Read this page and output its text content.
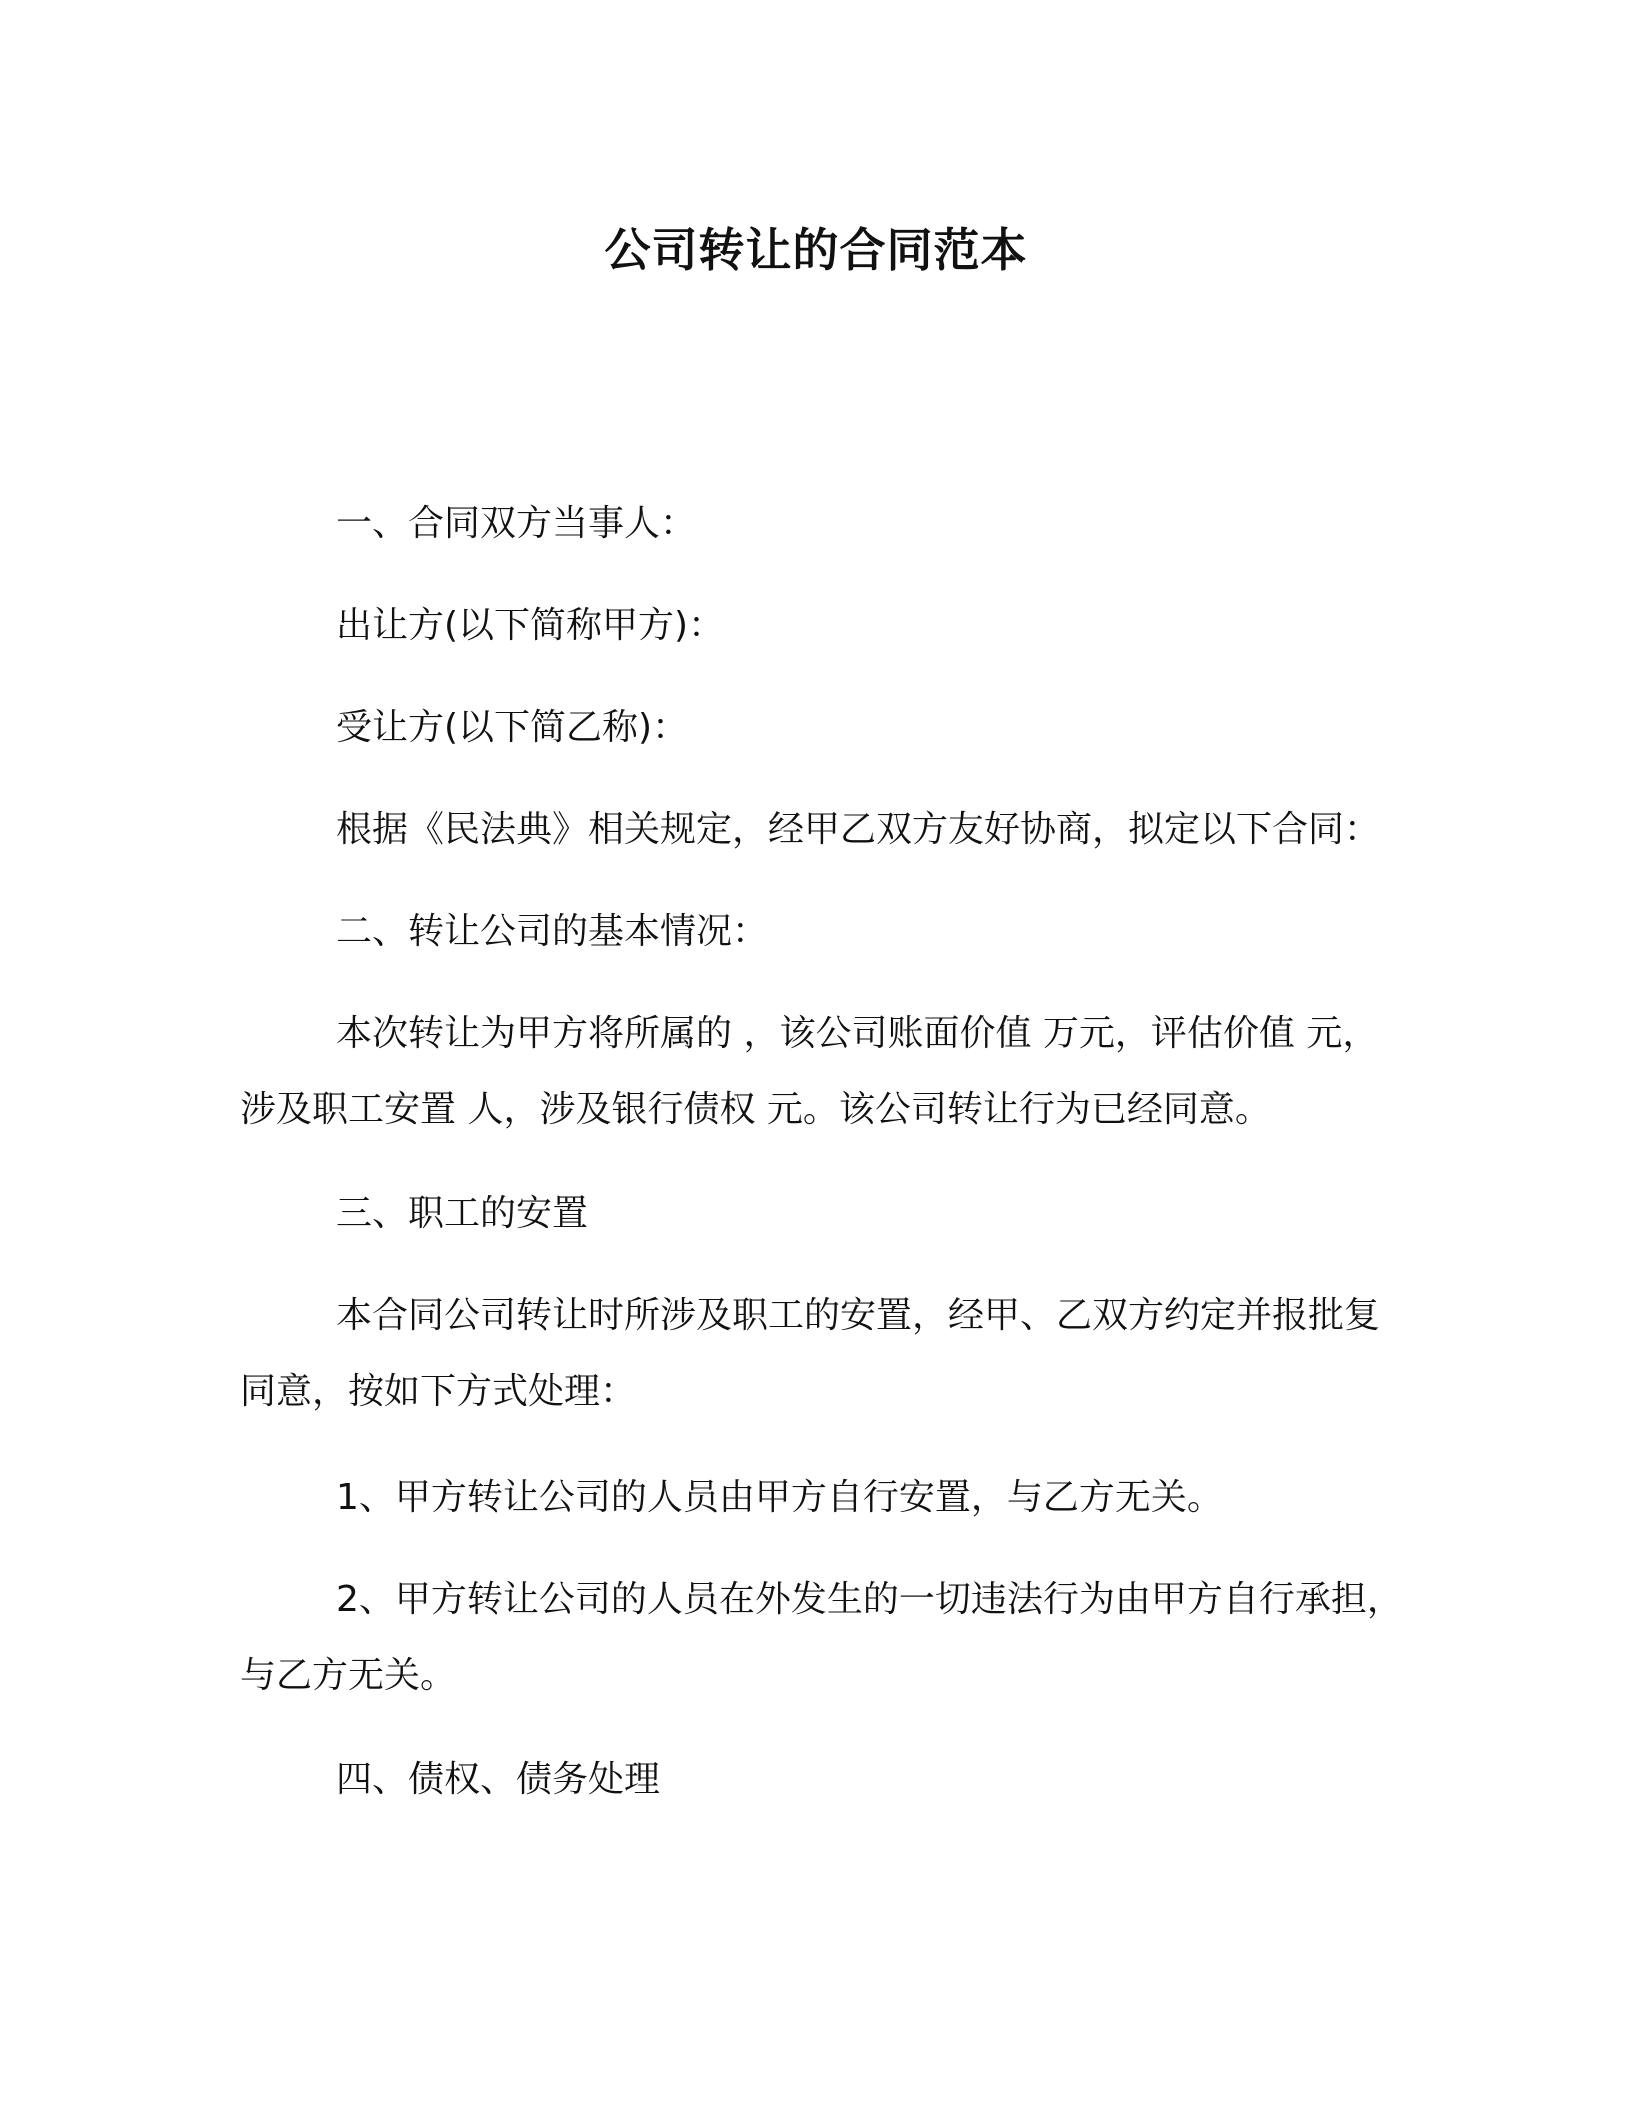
公司转让的合同范本

一、合同双方当事人：

出让方(以下简称甲方)：

受让方(以下简乙称)：

根据《民法典》相关规定，经甲乙双方友好协商，拟定以下合同：

二、转让公司的基本情况：

本次转让为甲方将所属的 ，该公司账面价值 万元，评估价值 元，涉及职工安置 人，涉及银行债权 元。该公司转让行为已经同意。

三、职工的安置

本合同公司转让时所涉及职工的安置，经甲、乙双方约定并报批复同意，按如下方式处理：

1、甲方转让公司的人员由甲方自行安置，与乙方无关。

2、甲方转让公司的人员在外发生的一切违法行为由甲方自行承担，与乙方无关。

四、债权、债务处理
